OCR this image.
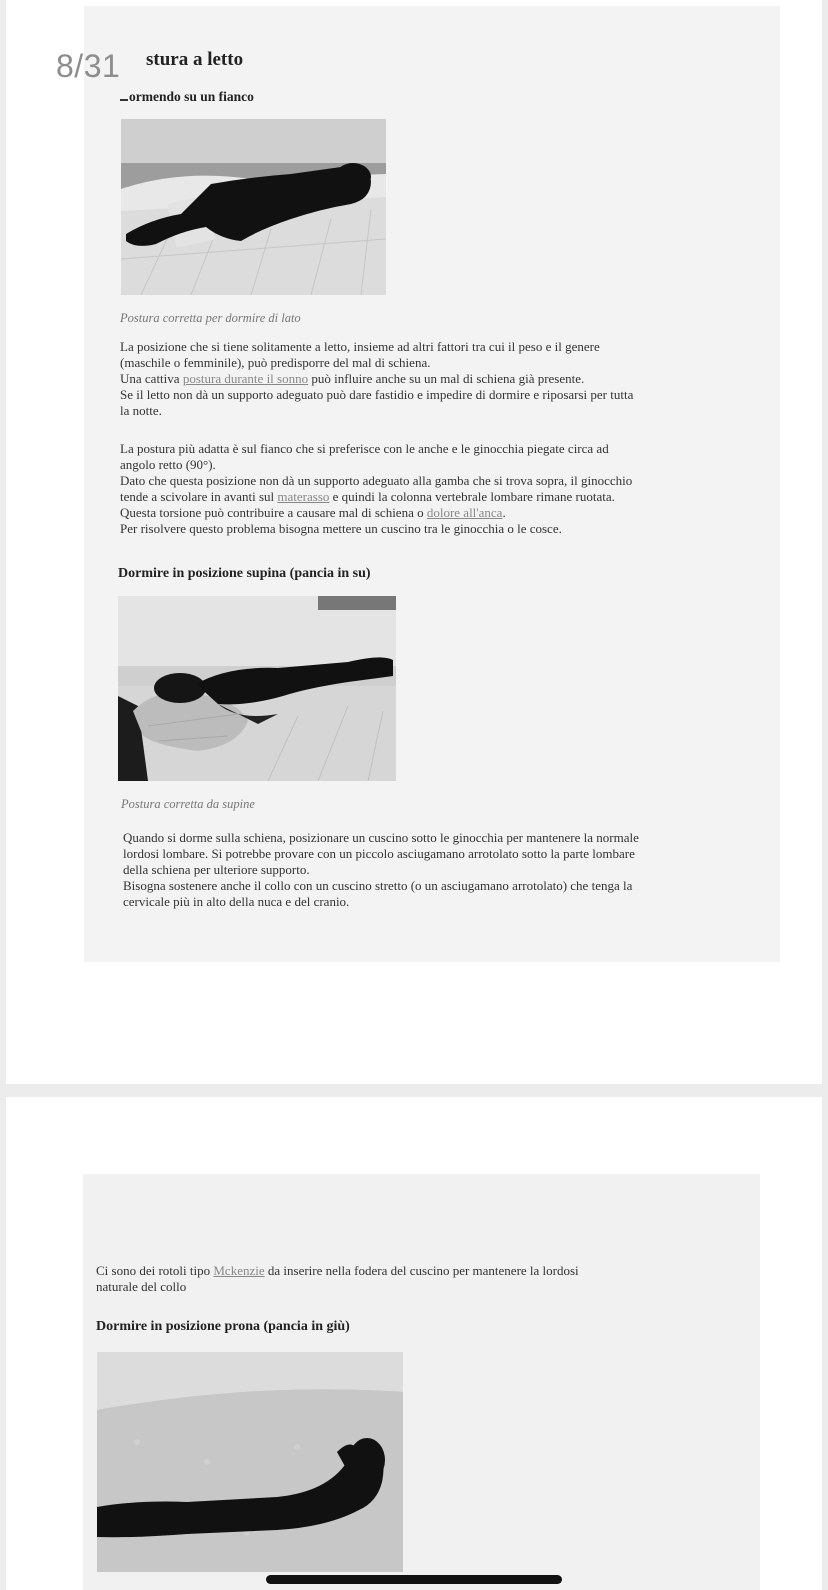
8/31 stura a letto
ormendo su un fianco
Postura corretta per dormire di lato

La posizione che si tiene solitamente a letto, insieme ad altri fattori tra cui il peso e il genere

(maschile o femminile), può predisporre del mal di schiena.

Una cattiva postura durante il sonno può influire anche su un mal di schiena già presente.

Se il letto non dà un supporto adeguato può dare fastidio e impedire di dormire e riposarsi per tutta

la notte.

La postura più adatta è sul fianco che si preferisce con le anche e le ginocchia piegate circa ad

angolo retto (90°).

Dato che questa posizione non dà un supporto adeguato alla gamba che si trova sopra, il ginocchio

tende a scivolare in avanti sul materasso e quindi la colonna vertebrale lombare rimane ruotata.

Questa torsione può contribuire a causare mal di schiena o dolore all'anca.

Per risolvere questo problema bisogna mettere un cuscino tra le ginocchia o le cosce.

Dormire in posizione supina (pancia in su)
Postura corretta da supine

Quando si dorme sulla schiena, posizionare un cuscino sotto le ginocchia per mantenere la normale

lordosi lombare. Si potrebbe provare con un piccolo asciugamano arrotolato sotto la parte lombare

della schiena per ulteriore supporto.

Bisogna sostenere anche il collo con un cuscino stretto (o un asciugamano arrotolato) che tenga la

cervicale più in alto della nuca e del cranio.

Ci sono dei rotoli tipo Mckenzie da inserire nella fodera del cuscino per mantenere la lordosi

naturale del collo

Dormire in posizione prona (pancia in giù)
